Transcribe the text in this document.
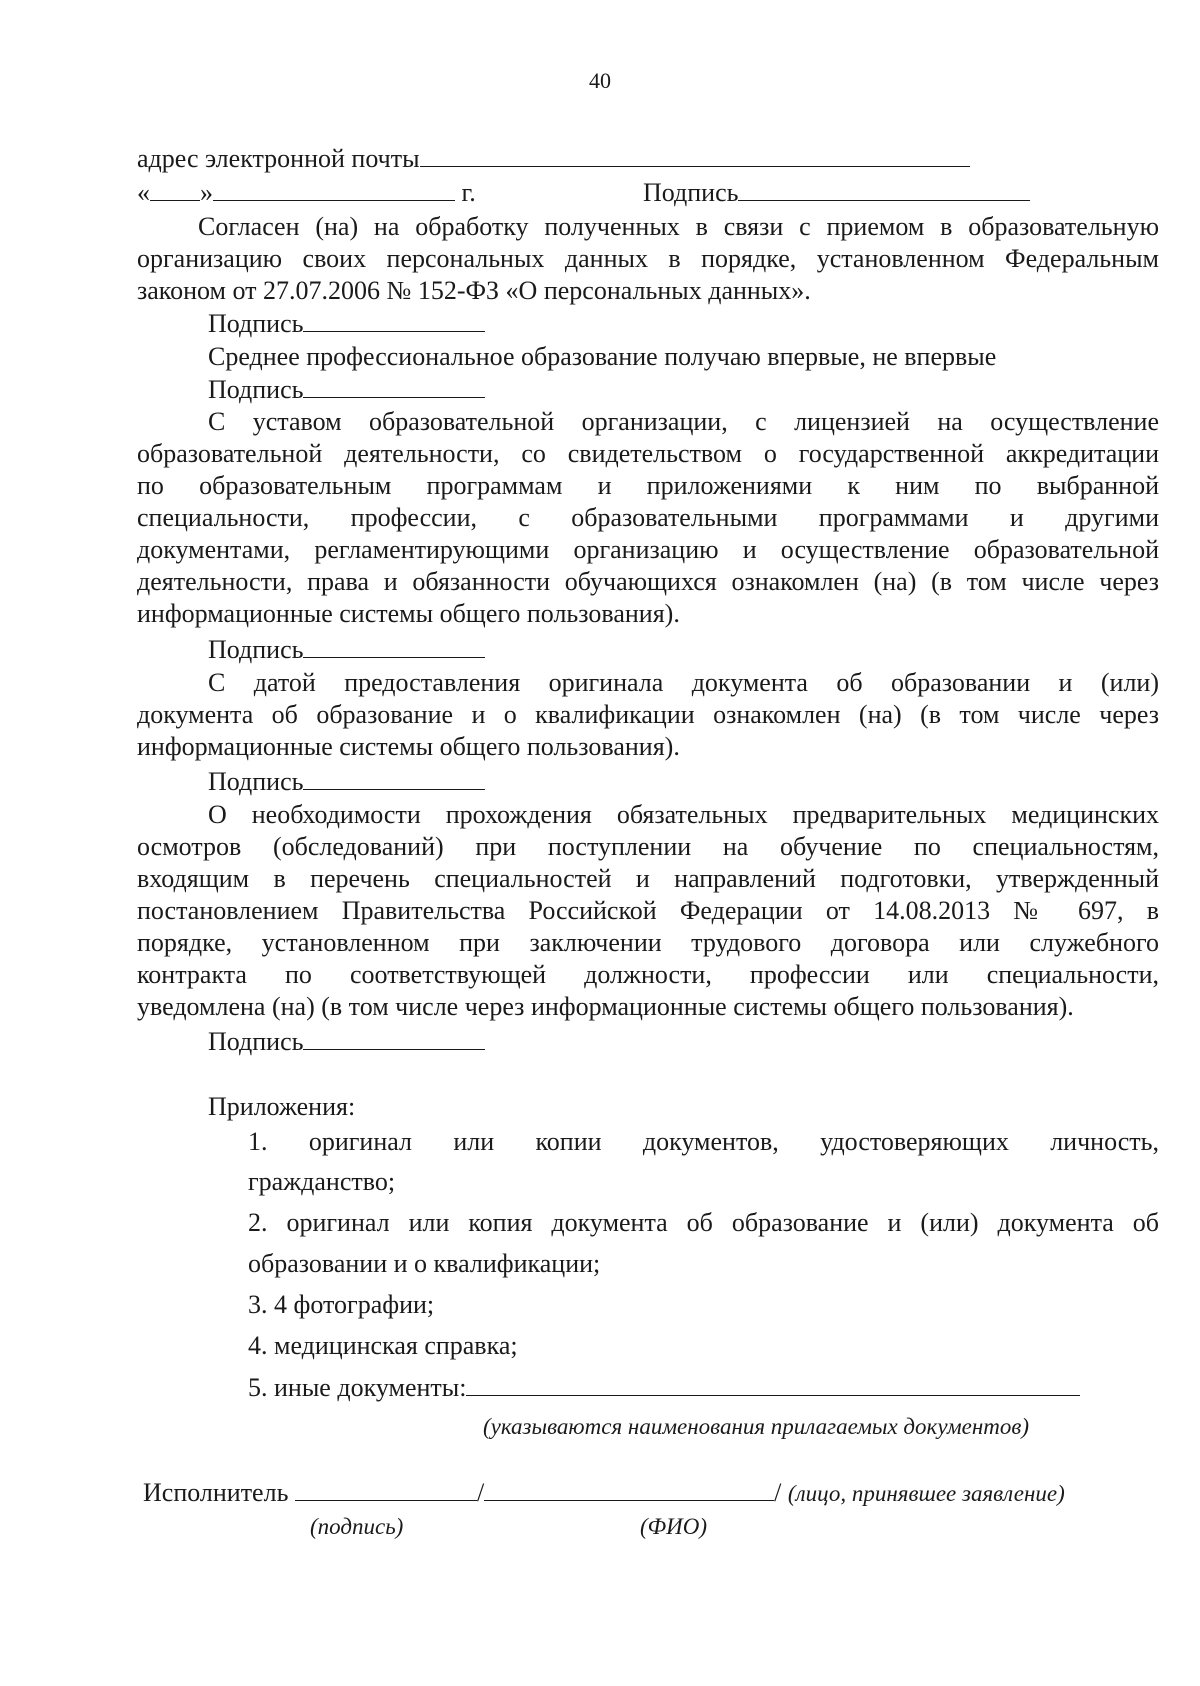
40
адрес электронной почты
« »	г.	Подпись
Согласен (на) на обработку полученных в связи с приемом в образовательную
организацию своих персональных данных в порядке, установленном Федеральным
законом от 27.07.2006 № 152-ФЗ «О персональных данных».
Подпись
Среднее профессиональное образование получаю впервые, не впервые
Подпись
С уставом образовательной организации, с лицензией на осуществление
образовательной деятельности, со свидетельством о государственной аккредитации
по образовательным программам и приложениями к ним по выбранной
специальности, профессии, с образовательными программами и другими
документами, регламентирующими организацию и осуществление образовательной
деятельности, права и обязанности обучающихся ознакомлен (на) (в том числе через
информационные системы общего пользования).
Подпись
С датой предоставления оригинала документа об образовании и (или)
документа об образование и о квалификации ознакомлен (на) (в том числе через
информационные системы общего пользования).
Подпись
О необходимости прохождения обязательных предварительных медицинских
осмотров (обследований) при поступлении на обучение по специальностям,
входящим в перечень специальностей и направлений подготовки, утвержденный
постановлением Правительства Российской Федерации от 14.08.2013 № 697, в
порядке, установленном при заключении трудового договора или служебного
контракта по соответствующей должности, профессии или специальности,
уведомлена (на) (в том числе через информационные системы общего пользования).
Подпись
Приложения:
1. оригинал или копии документов, удостоверяющих личность,
гражданство;
2. оригинал или копия документа об образование и (или) документа об
образовании и о квалификации;
3. 4 фотографии;
4. медицинская справка;
5. иные документы:
(указываются наименования прилагаемых документов)
Исполнитель	/	/ (лицо, принявшее заявление)
(подпись)	(ФИО)
